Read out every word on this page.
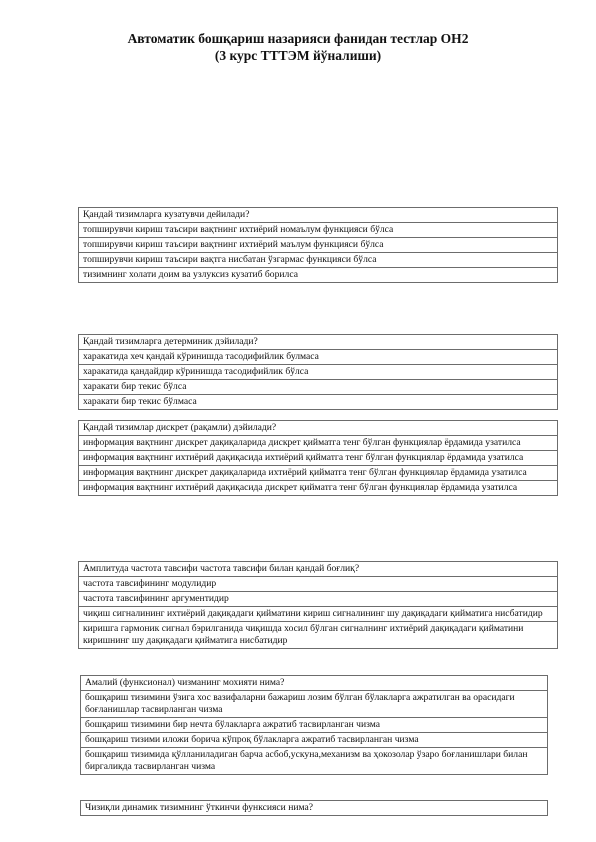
Автоматик бошқариш назарияси фанидан тестлар ОН2
(3 курс ТТТЭМ йўналиши)
Қандай тизимларга кузатувчи дейилади?
топширувчи кириш таъсири вақтнинг ихтиёрий номаълум функцияси бўлса
топширувчи кириш таъсири вақтнинг ихтиёрий маълум функцияси бўлса
топширувчи кириш таъсири вақтга нисбатан ўзгармас функцияси бўлса
тизимнинг холати доим ва узлуксиз кузатиб борилса
Қандай тизимларга детерминик дэйилади?
харакатида хеч қандай кўринишда тасодифийлик булмаса
харакатида қандайдир кўринишда тасодифийлик бўлса
харакати бир текис бўлса
харакати бир текис бўлмаса
Қандай тизимлар дискрет (рақамли) дэйилади?
информация вақтнинг дискрет дақиқаларида дискрет қийматга тенг бўлган функциялар ёрдамида узатилса
информация вақтнинг ихтиёрий дақиқасида ихтиёрий қийматга тенг бўлган функциялар ёрдамида узатилса
информация вақтнинг дискрет дақиқаларида ихтиёрий қийматга тенг бўлган функциялар ёрдамида узатилса
информация вақтнинг ихтиёрий дақиқасида дискрет қийматга тенг бўлган функциялар ёрдамида узатилса
Амплитуда частота тавсифи частота тавсифи билан қандай боғлиқ?
частота тавсифининг модулидир
частота тавсифининг аргументидир
чиқиш сигналининг ихтиёрий дақиқадаги қийматини кириш сигналининг шу дақиқадаги қийматига нисбатидир
киришга гармоник сигнал бэрилганида чиқишда хосил бўлган сигналнинг ихтиёрий дақиқадаги қийматини киришнинг шу дақиқадаги қийматига нисбатидир
Амалий (функсионал) чизманинг мохияти нима?
бошқариш тизимини ўзига хос вазифаларни бажариш лозим бўлган бўлакларга ажратилган ва орасидаги боғланишлар тасвирланган чизма
бошқариш тизимини бир нечта бўлакларга ажратиб тасвирланган чизма
бошқариш тизими иложи борича кўпроқ бўлакларга ажратиб тасвирланган чизма
бошқариш тизимида қўлланиладиган барча асбоб,ускуна,механизм ва ҳокозолар ўзаро боғланишлари билан биргаликда тасвирланган чизма
Чизиқли динамик тизимнинг ўткинчи функсияси нима?
